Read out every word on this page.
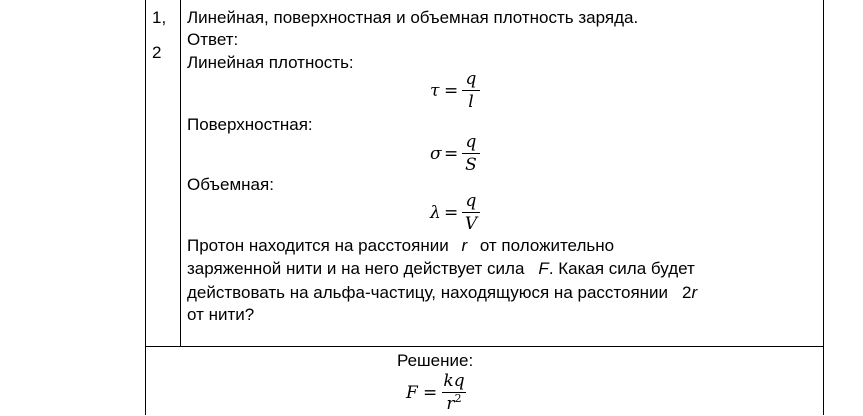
1,
2
Линейная, поверхностная и объемная плотность заряда.
Ответ:
Линейная плотность:
τ =
q
l
Поверхностная:
σ =
q
S
Объемная:
λ =
q
V
Протон находится на расстоянии r от положительно
заряженной нити и на него действует сила F. Какая сила будет
действовать на альфа-частицу, находящуюся на расстоянии 2r
от нити?
Решение:
F =
kq
$r^2$
